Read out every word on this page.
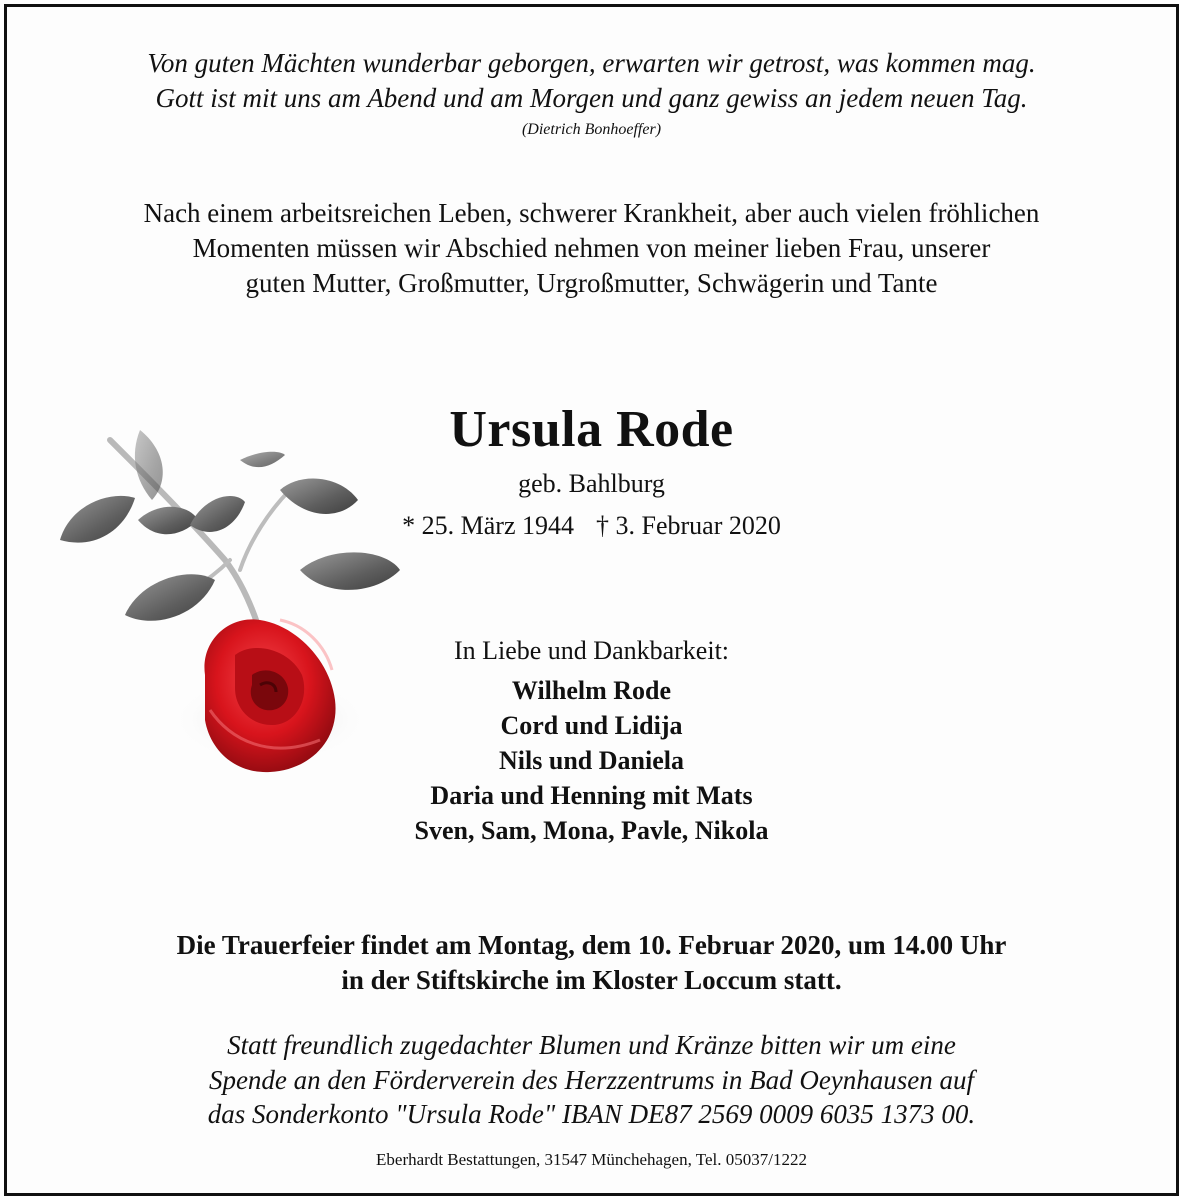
Von guten Mächten wunderbar geborgen, erwarten wir getrost, was kommen mag.
Gott ist mit uns am Abend und am Morgen und ganz gewiss an jedem neuen Tag.
(Dietrich Bonhoeffer)
Nach einem arbeitsreichen Leben, schwerer Krankheit, aber auch vielen fröhlichen
Momenten müssen wir Abschied nehmen von meiner lieben Frau, unserer
guten Mutter, Großmutter, Urgroßmutter, Schwägerin und Tante
Ursula Rode
geb. Bahlburg
* 25. März 1944 † 3. Februar 2020
In Liebe und Dankbarkeit:
Wilhelm Rode
Cord und Lidija
Nils und Daniela
Daria und Henning mit Mats
Sven, Sam, Mona, Pavle, Nikola
Die Trauerfeier findet am Montag, dem 10. Februar 2020, um 14.00 Uhr
in der Stiftskirche im Kloster Loccum statt.
Statt freundlich zugedachter Blumen und Kränze bitten wir um eine
Spende an den Förderverein des Herzzentrums in Bad Oeynhausen auf
das Sonderkonto "Ursula Rode" IBAN DE87 2569 0009 6035 1373 00.
Eberhardt Bestattungen, 31547 Münchehagen, Tel. 05037/1222
